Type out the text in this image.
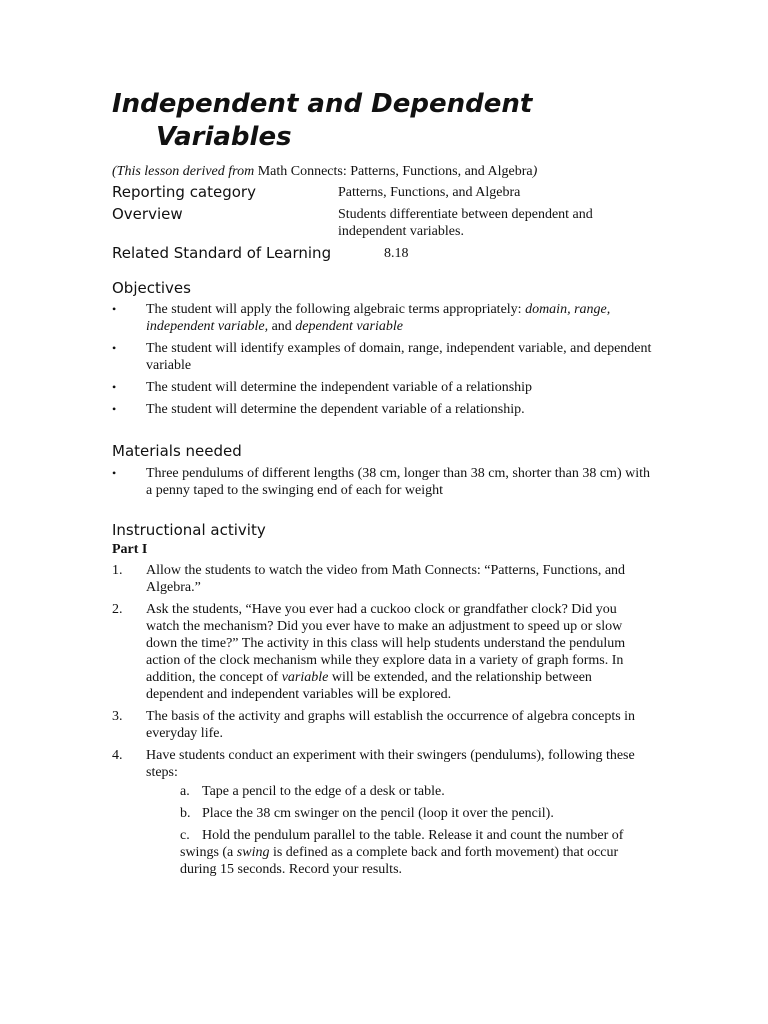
Independent and Dependent
Variables
(This lesson derived from Math Connects: Patterns, Functions, and Algebra)
Reporting category	Patterns, Functions, and Algebra
Overview	Students differentiate between dependent and independent variables.
Related Standard of Learning	8.18
Objectives
• The student will apply the following algebraic terms appropriately: domain, range, independent variable, and dependent variable
• The student will identify examples of domain, range, independent variable, and dependent variable
• The student will determine the independent variable of a relationship
• The student will determine the dependent variable of a relationship.
Materials needed
• Three pendulums of different lengths (38 cm, longer than 38 cm, shorter than 38 cm) with a penny taped to the swinging end of each for weight
Instructional activity
Part I
1. Allow the students to watch the video from Math Connects: “Patterns, Functions, and Algebra.”
2. Ask the students, “Have you ever had a cuckoo clock or grandfather clock? Did you watch the mechanism? Did you ever have to make an adjustment to speed up or slow down the time?” The activity in this class will help students understand the pendulum action of the clock mechanism while they explore data in a variety of graph forms. In addition, the concept of variable will be extended, and the relationship between dependent and independent variables will be explored.
3. The basis of the activity and graphs will establish the occurrence of algebra concepts in everyday life.
4. Have students conduct an experiment with their swingers (pendulums), following these steps:
a. Tape a pencil to the edge of a desk or table.
b. Place the 38 cm swinger on the pencil (loop it over the pencil).
c. Hold the pendulum parallel to the table. Release it and count the number of swings (a swing is defined as a complete back and forth movement) that occur during 15 seconds. Record your results.
